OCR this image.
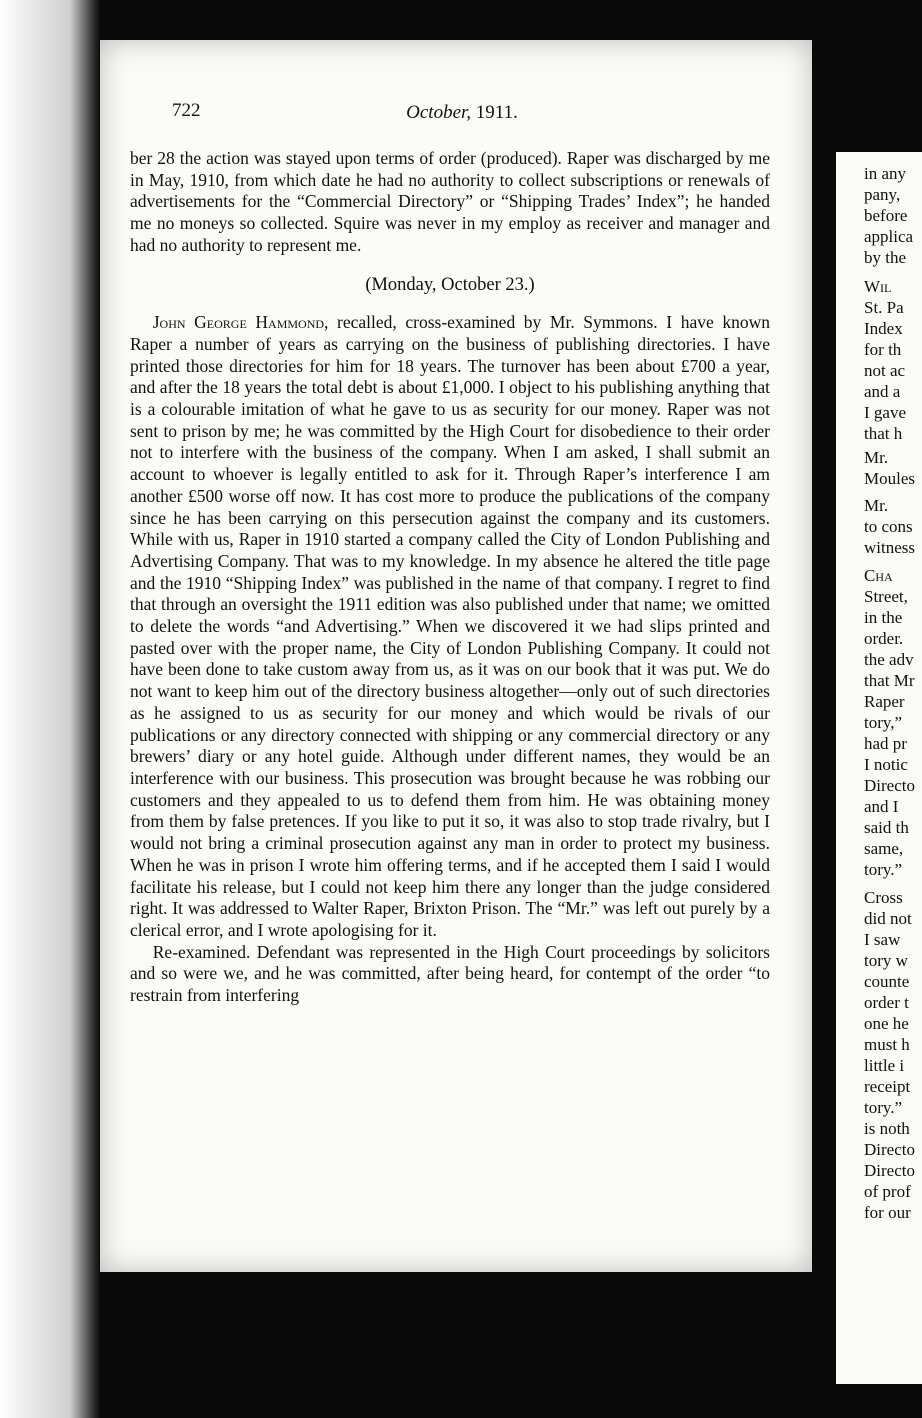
722	October, 1911.

ber 28 the action was stayed upon terms of order (produced). Raper was discharged by me in May, 1910, from which date he had no authority to collect subscriptions or renewals of advertisements for the “Commercial Directory” or “Shipping Trades’ Index”; he handed me no moneys so collected. Squire was never in my employ as receiver and manager and had no authority to represent me.

(Monday, October 23.)

John George Hammond, recalled, cross-examined by Mr. Symmons. I have known Raper a number of years as carrying on the business of publishing directories. I have printed those directories for him for 18 years. The turnover has been about £700 a year, and after the 18 years the total debt is about £1,000. I object to his publishing anything that is a colourable imitation of what he gave to us as security for our money. Raper was not sent to prison by me; he was committed by the High Court for disobedience to their order not to interfere with the business of the company. When I am asked, I shall submit an account to whoever is legally entitled to ask for it. Through Raper’s interference I am another £500 worse off now. It has cost more to produce the publications of the company since he has been carrying on this persecution against the company and its customers. While with us, Raper in 1910 started a company called the City of London Publishing and Advertising Company. That was to my knowledge. In my absence he altered the title page and the 1910 “Shipping Index” was published in the name of that company. I regret to find that through an oversight the 1911 edition was also published under that name; we omitted to delete the words “and Advertising.” When we discovered it we had slips printed and pasted over with the proper name, the City of London Publishing Company. It could not have been done to take custom away from us, as it was on our book that it was put. We do not want to keep him out of the directory business altogether—only out of such directories as he assigned to us as security for our money and which would be rivals of our publications or any directory connected with shipping or any commercial directory or any brewers’ diary or any hotel guide. Although under different names, they would be an interference with our business. This prosecution was brought because he was robbing our customers and they appealed to us to defend them from him. He was obtaining money from them by false pretences. If you like to put it so, it was also to stop trade rivalry, but I would not bring a criminal prosecution against any man in order to protect my business. When he was in prison I wrote him offering terms, and if he accepted them I said I would facilitate his release, but I could not keep him there any longer than the judge considered right. It was addressed to Walter Raper, Brixton Prison. The “Mr.” was left out purely by a clerical error, and I wrote apologising for it.

Re-examined. Defendant was represented in the High Court proceedings by solicitors and so were we, and he was committed, after being heard, for contempt of the order “to restrain from interfering

in any

pany,

before

applica

by the

Wil

St. Pa

Index

for th

not ac

and a

I gave

that h

Mr.

Moules

Mr.

to cons

witness

Cha

Street,

in the

order.

the adv

that Mr

Raper

tory,”

had pr

I notic

Directo

and I

said th

same,

tory.”

Cross

did not

I saw

tory w

counte

order t

one he

must h

little i

receipt

tory.”

is noth

Directo

Directo

of prof

for our
